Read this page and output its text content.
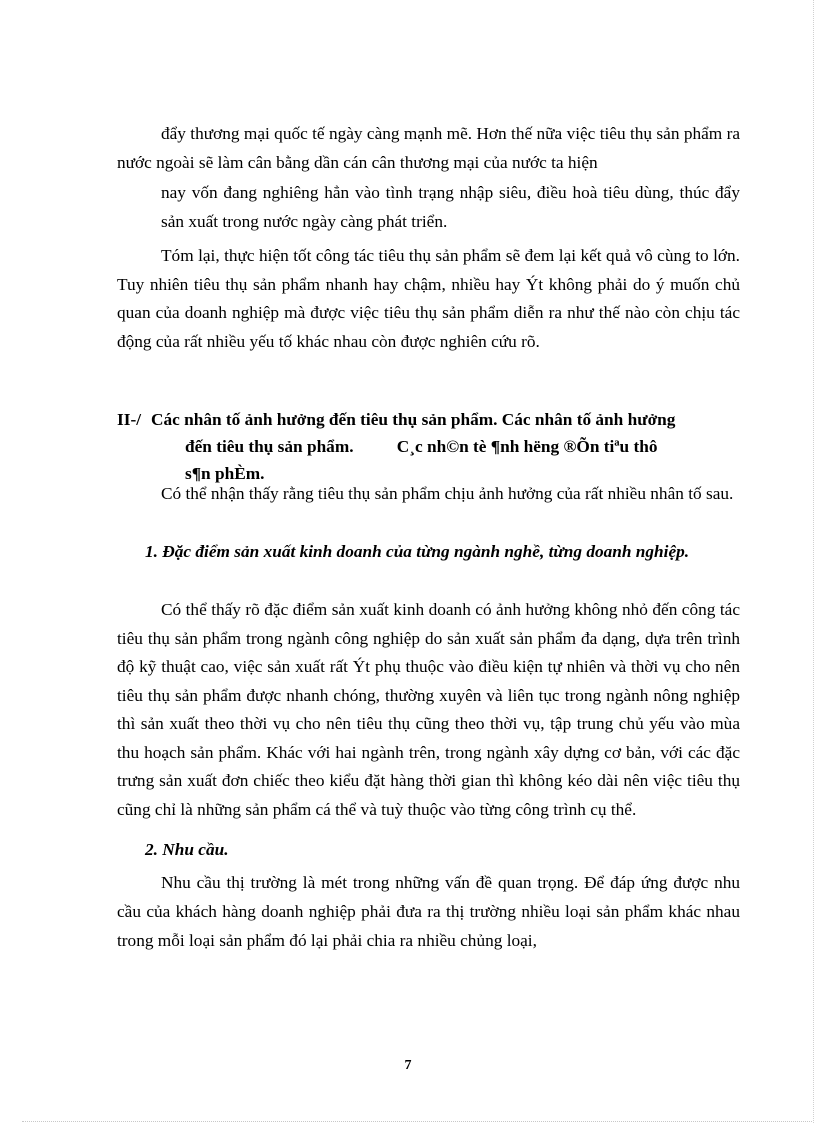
đẩy thương mại quốc tế ngày càng mạnh mẽ. Hơn thế nữa việc tiêu thụ sản phẩm ra nước ngoài sẽ làm cân bằng dần cán cân thương mại của nước ta hiện

nay vốn đang nghiêng hẳn vào tình trạng nhập siêu, điều hoà tiêu dùng, thúc đẩy sản xuất trong nước ngày càng phát triển.

Tóm lại, thực hiện tốt công tác tiêu thụ sản phẩm sẽ đem lại kết quả vô cùng to lớn. Tuy nhiên tiêu thụ sản phẩm nhanh hay chậm, nhiều hay Ýt không phải do ý muốn chủ quan của doanh nghiệp mà được việc tiêu thụ sản phẩm diễn ra như thế nào còn chịu tác động của rất nhiều yếu tố khác nhau còn được nghiên cứu rõ.

II-/ Các nhân tố ảnh hưởng đến tiêu thụ sản phẩm. Các nhân tố ảnh hưởng
đến tiêu thụ sản phẩm.          C¸c nh©n tè ¶nh hëng ®Õn tiªu thô
s¶n phÈm.

Có thể nhận thấy rằng tiêu thụ sản phẩm chịu ảnh hưởng của rất nhiều nhân tố sau.

1. Đặc điểm sản xuất kinh doanh của từng ngành nghề, từng doanh nghiệp.

Có thể thấy rõ đặc điểm sản xuất kinh doanh có ảnh hưởng không nhỏ đến công tác tiêu thụ sản phẩm trong ngành công nghiệp do sản xuất sản phẩm đa dạng, dựa trên trình độ kỹ thuật cao, việc sản xuất rất Ýt phụ thuộc vào điều kiện tự nhiên và thời vụ cho nên tiêu thụ sản phẩm được nhanh chóng, thường xuyên và liên tục trong ngành nông nghiệp thì sản xuất theo thời vụ cho nên tiêu thụ cũng theo thời vụ, tập trung chủ yếu vào mùa thu hoạch sản phẩm. Khác với hai ngành trên, trong ngành xây dựng cơ bản, với các đặc trưng sản xuất đơn chiếc theo kiểu đặt hàng thời gian thì không kéo dài nên việc tiêu thụ cũng chỉ là những sản phẩm cá thể và tuỳ thuộc vào từng công trình cụ thể.

2. Nhu cầu.

Nhu cầu thị trường là mét trong những vấn đề quan trọng. Để đáp ứng được nhu cầu của khách hàng doanh nghiệp phải đưa ra thị trường nhiều loại sản phẩm khác nhau trong mỗi loại sản phẩm đó lại phải chia ra nhiều chủng loại,

7
